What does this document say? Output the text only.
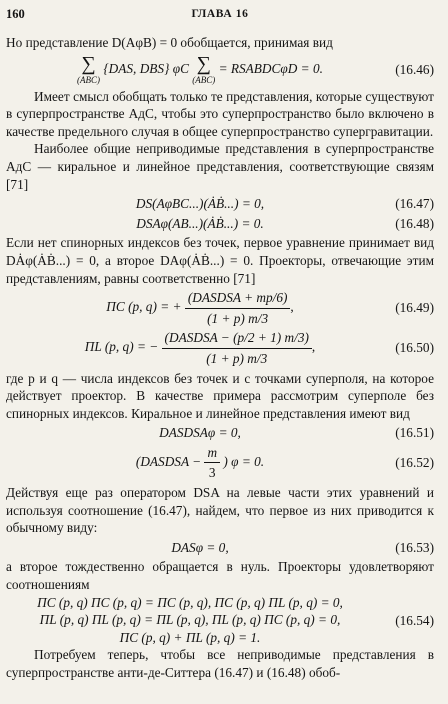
160	ГЛАВА 16

Но представление D(AφB) = 0 обобщается, принимая вид

∑
(ABC)
{DAS, DBS} φC ∑
(ABC)
= RSABDCφD = 0.	(16.46)

Имеет смысл обобщать только те представления, которые существуют в суперпространстве АдС, чтобы это суперпространство было включено в качестве предельного случая в общее суперпространство супергравитации.

Наиболее общие неприводимые представления в суперпространстве АдС — киральное и линейное представления, соответствующие связям [71]

DS(AφBC...)(ȦḂ...) = 0,	(16.47)
DSAφ(AB...)(ȦḂ...) = 0.	(16.48)

Если нет спинорных индексов без точек, первое уравнение принимает вид DȦφ(ȦḂ...) = 0, а второе DAφ(ȦḂ...) = 0. Проекторы, отвечающие этим представлениям, равны соответственно [71]

ΠC (p, q) = + $\frac{\text{(DASDSA + mp/6)}}{(1 + p) m/3}$ ,	(16.49)
ΠL (p, q) = − $\frac{\text{(DASDSA − (p/2 + 1) m/3)}}{(1 + p) m/3}$ ,	(16.50)

где p и q — числа индексов без точек и с точками суперполя, на которое действует проектор. В качестве примера рассмотрим суперполе без спинорных индексов. Киральное и линейное представления имеют вид

DASDSAφ = 0,	(16.51)
(DASDSA − $\frac{m}{3}$ ) φ = 0.	(16.52)

Действуя еще раз оператором DSA на левые части этих уравнений и используя соотношение (16.47), найдем, что первое из них приводится к обычному виду:

DASφ = 0,	(16.53)

а второе тождественно обращается в нуль. Проекторы удовлетворяют соотношениям

ΠC (p, q) ΠC (p, q) = ΠC (p, q), ΠC (p, q) ΠL (p, q) = 0,
ΠL (p, q) ΠL (p, q) = ΠL (p, q), ΠL (p, q) ΠC (p, q) = 0,
ΠC (p, q) + ΠL (p, q) = 1.
(16.54)

Потребуем теперь, чтобы все неприводимые представления в суперпространстве анти-де-Ситтера (16.47) и (16.48) обоб-
